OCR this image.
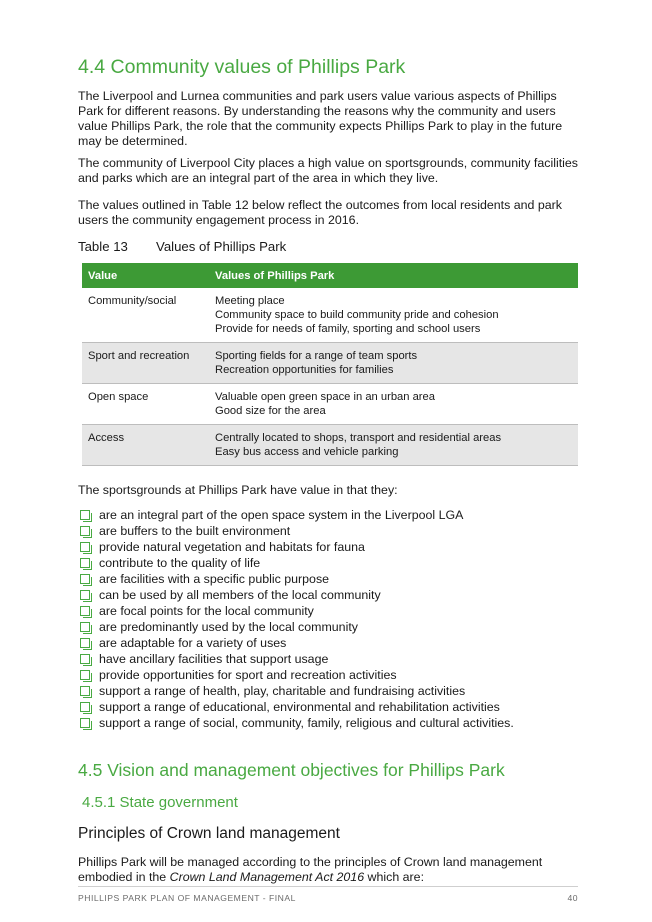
4.4 Community values of Phillips Park

The Liverpool and Lurnea communities and park users value various aspects of Phillips Park for different reasons. By understanding the reasons why the community and users value Phillips Park, the role that the community expects Phillips Park to play in the future may be determined.

The community of Liverpool City places a high value on sportsgrounds, community facilities and parks which are an integral part of the area in which they live.

The values outlined in Table 12 below reflect the outcomes from local residents and park users the community engagement process in 2016.

Table 13 Values of Phillips Park
Value	Values of Phillips Park
Community/social	Meeting place
Community space to build community pride and cohesion
Provide for needs of family, sporting and school users

Sport and recreation	Sporting fields for a range of team sports
Recreation opportunities for families

Open space	Valuable open green space in an urban area
Good size for the area

Access	Centrally located to shops, transport and residential areas
Easy bus access and vehicle parking

The sportsgrounds at Phillips Park have value in that they:

are an integral part of the open space system in the Liverpool LGA
are buffers to the built environment
provide natural vegetation and habitats for fauna
contribute to the quality of life
are facilities with a specific public purpose
can be used by all members of the local community
are focal points for the local community
are predominantly used by the local community
are adaptable for a variety of uses
have ancillary facilities that support usage
provide opportunities for sport and recreation activities
support a range of health, play, charitable and fundraising activities
support a range of educational, environmental and rehabilitation activities
support a range of social, community, family, religious and cultural activities.
4.5 Vision and management objectives for Phillips Park
4.5.1 State government
Principles of Crown land management

Phillips Park will be managed according to the principles of Crown land management embodied in the Crown Land Management Act 2016 which are:

PHILLIPS PARK PLAN OF MANAGEMENT - FINAL	40
